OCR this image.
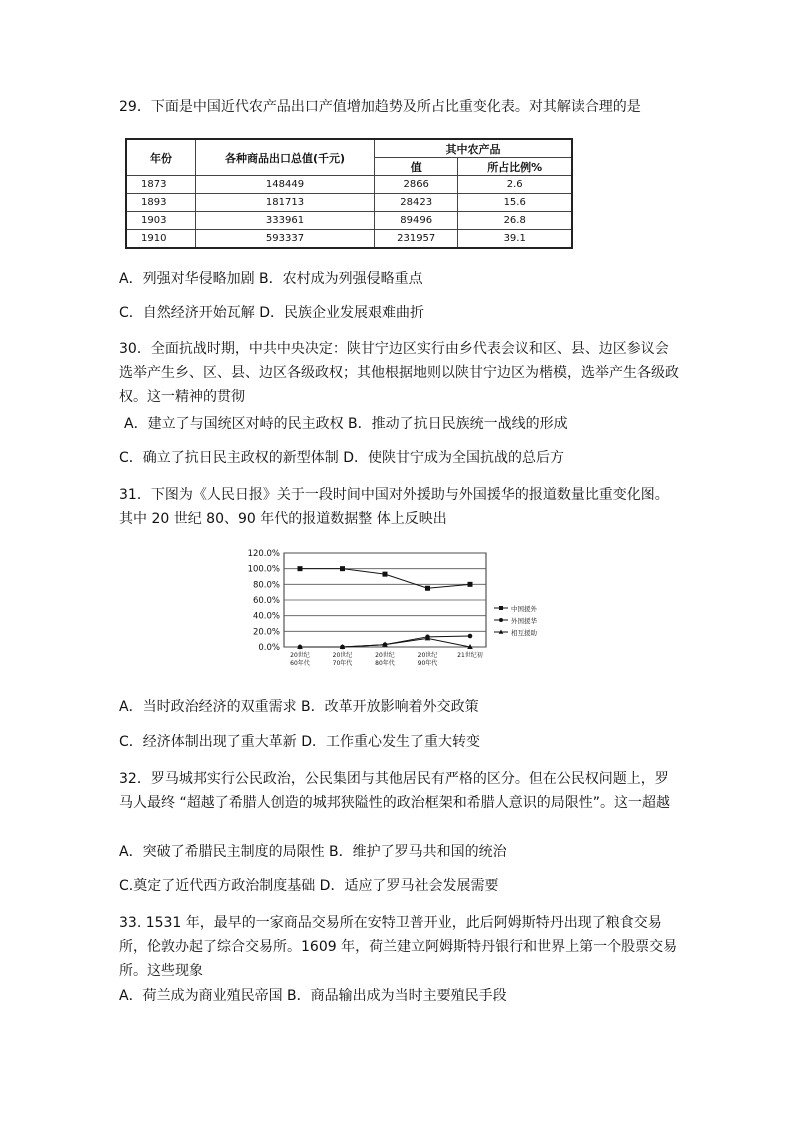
29．下面是中国近代农产品出口产值增加趋势及所占比重变化表。对其解读合理的是
年份	各种商品出口总值(千元)	其中农产品	
		值	所占比例%
1873	148449	2866	2.6
1893	181713	28423	15.6
1903	333961	89496	26.8
1910	593337	231957	39.1
A．列强对华侵略加剧 B．农村成为列强侵略重点
C．自然经济开始瓦解 D．民族企业发展艰难曲折
30．全面抗战时期，中共中央决定：陕甘宁边区实行由乡代表会议和区、县、边区参议会选举产生乡、区、县、边区各级政权；其他根据地则以陕甘宁边区为楷模，选举产生各级政权。这一精神的贯彻
A．建立了与国统区对峙的民主政权 B．推动了抗日民族统一战线的形成
C．确立了抗日民主政权的新型体制 D．使陕甘宁成为全国抗战的总后方
31．下图为《人民日报》关于一段时间中国对外援助与外国援华的报道数量比重变化图。其中 20 世纪 80、90 年代的报道数据整 体上反映出
0.0%
20.0%
40.0%
60.0%
80.0%
100.0%
120.0%
20世纪
60年代
20世纪
70年代
20世纪
80年代
20世纪
90年代
21世纪初
中国援外
外国援华
相互援助
A．当时政治经济的双重需求 B．改革开放影响着外交政策
C．经济体制出现了重大革新 D．工作重心发生了重大转变
32．罗马城邦实行公民政治，公民集团与其他居民有严格的区分。但在公民权问题上，罗马人最终 “超越了希腊人创造的城邦狭隘性的政治框架和希腊人意识的局限性”。这一超越
A．突破了希腊民主制度的局限性 B．维护了罗马共和国的统治
C.奠定了近代西方政治制度基础 D．适应了罗马社会发展需要
33. 1531 年，最早的一家商品交易所在安特卫普开业，此后阿姆斯特丹出现了粮食交易所，伦敦办起了综合交易所。1609 年，荷兰建立阿姆斯特丹银行和世界上第一个股票交易所。这些现象
A．荷兰成为商业殖民帝国 B．商品输出成为当时主要殖民手段
